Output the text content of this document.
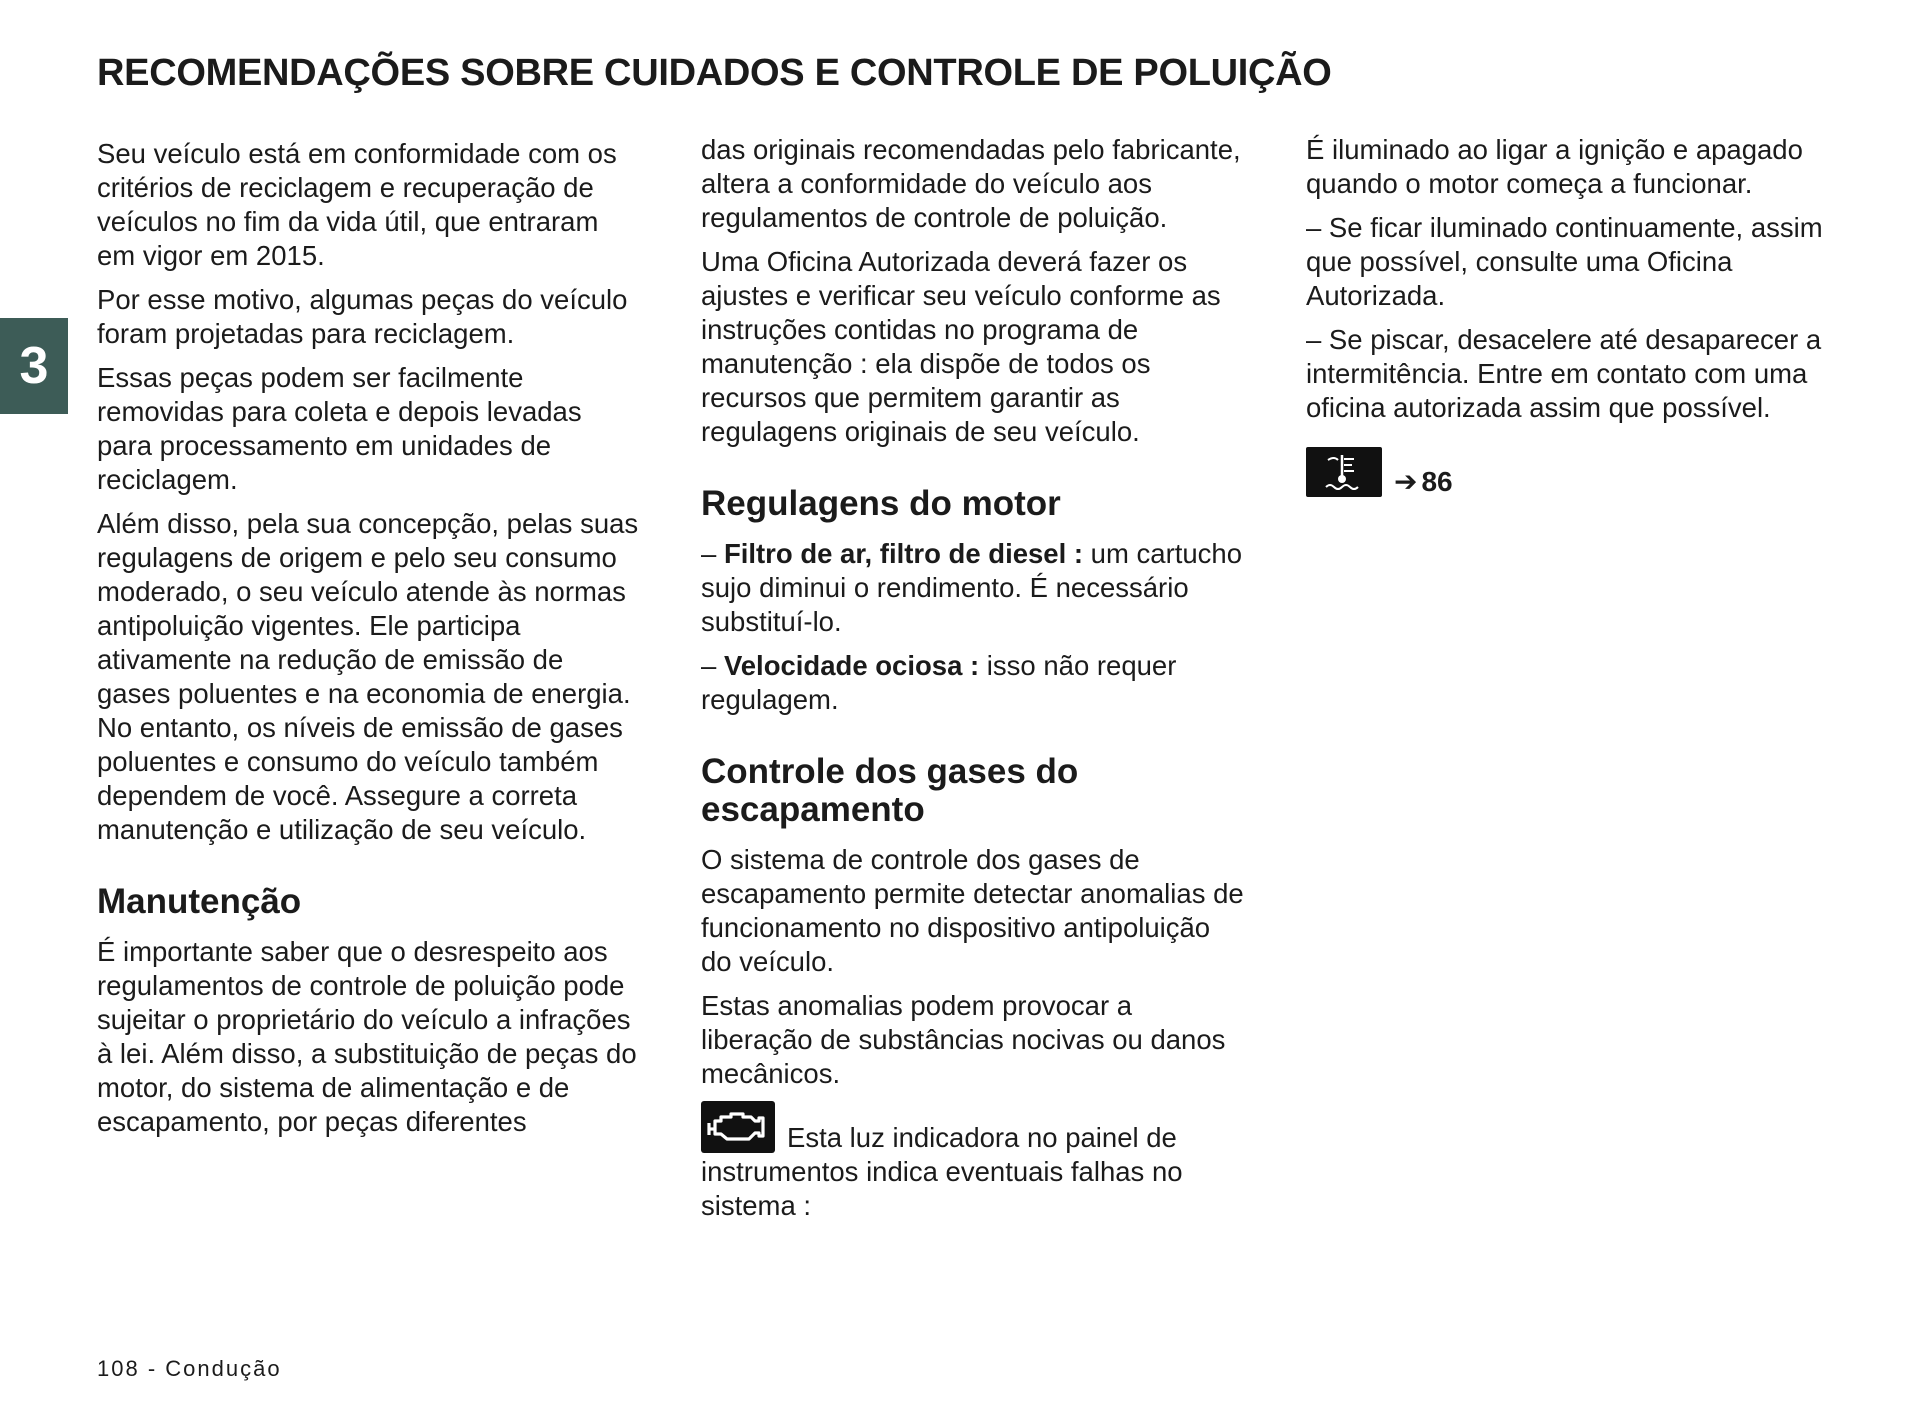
RECOMENDAÇÕES SOBRE CUIDADOS E CONTROLE DE POLUIÇÃO
3

Seu veículo está em conformidade com os critérios de reciclagem e recuperação de veículos no fim da vida útil, que entraram em vigor em 2015.

Por esse motivo, algumas peças do veículo foram projetadas para reciclagem.

Essas peças podem ser facilmente removidas para coleta e depois levadas para processamento em unidades de reciclagem.

Além disso, pela sua concepção, pelas suas regulagens de origem e pelo seu consumo moderado, o seu veículo atende às normas antipoluição vigentes. Ele participa ativamente na redução de emissão de gases poluentes e na economia de energia. No entanto, os níveis de emissão de gases poluentes e consumo do veículo também dependem de você. Assegure a correta manutenção e utilização de seu veículo.

Manutenção

É importante saber que o desrespeito aos regulamentos de controle de poluição pode sujeitar o proprietário do veículo a infrações à lei. Além disso, a substituição de peças do motor, do sistema de alimentação e de escapamento, por peças diferentes

das originais recomendadas pelo fabricante, altera a conformidade do veículo aos regulamentos de controle de poluição.

Uma Oficina Autorizada deverá fazer os ajustes e verificar seu veículo conforme as instruções contidas no programa de manutenção : ela dispõe de todos os recursos que permitem garantir as regulagens originais de seu veículo.

Regulagens do motor

– Filtro de ar, filtro de diesel : um cartucho sujo diminui o rendimento. É necessário substituí-lo.

– Velocidade ociosa : isso não requer regulagem.

Controle dos gases do escapamento

O sistema de controle dos gases de escapamento permite detectar anomalias de funcionamento no dispositivo antipoluição do veículo.

Estas anomalias podem provocar a liberação de substâncias nocivas ou danos mecânicos.

Esta luz indicadora no painel de instrumentos indica eventuais falhas no sistema :

É iluminado ao ligar a ignição e apagado quando o motor começa a funcionar.

– Se ficar iluminado continuamente, assim que possível, consulte uma Oficina Autorizada.

– Se piscar, desacelere até desaparecer a intermitência. Entre em contato com uma oficina autorizada assim que possível.

➔ 86
108 - Condução
